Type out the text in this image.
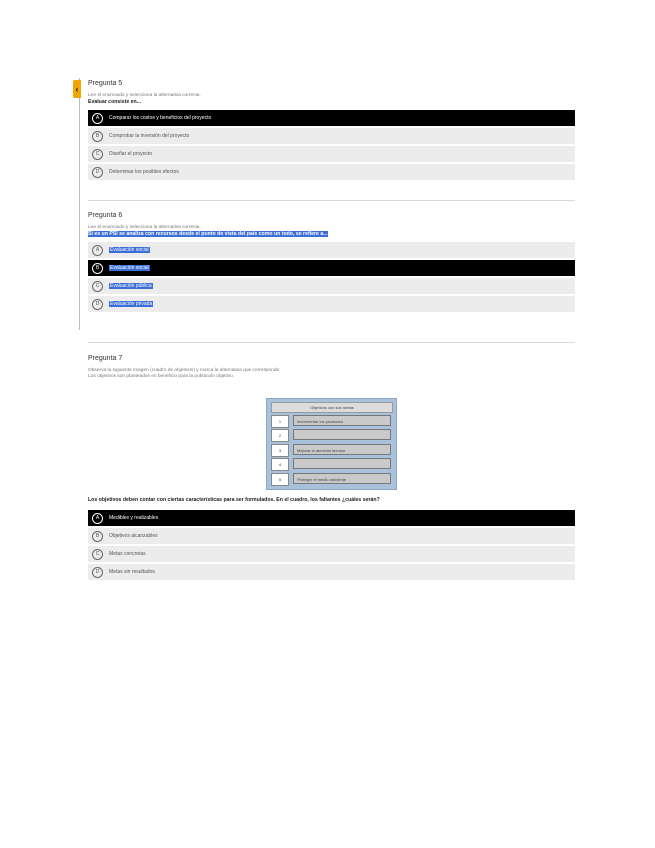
‹
Pregunta 5
Lee el enunciado y selecciona la alternativa correcta.
Evaluar consiste en...
A	Comparar los costos y beneficios del proyecto
B	Comprobar la inversión del proyecto
C	Diseñar el proyecto
D	Determinar los posibles efectos
Pregunta 6
Lee el enunciado y selecciona la alternativa correcta.
Si es un PSI se analiza con recursos desde el punto de vista del país como un todo, se refiere a...
A	Evaluación social
B	Evaluación social
C	Evaluación pública
D	Evaluación privada
Pregunta 7
Observa la siguiente imagen (cuadro de objetivos) y marca la alternativa que corresponde.
Los objetivos son planteados en beneficio para la población objetivo.
Objetivos con sus metas
1	Incrementar los productos
2
3	Mejorar la atención técnica
4
5	Proteger el medio ambiente
Los objetivos deben contar con ciertas características para ser formulados. En el cuadro, los faltantes ¿cuáles serán?
A	Medibles y realizables
B	Objetivos alcanzables
C	Metas concretas
D	Metas sin resultados
